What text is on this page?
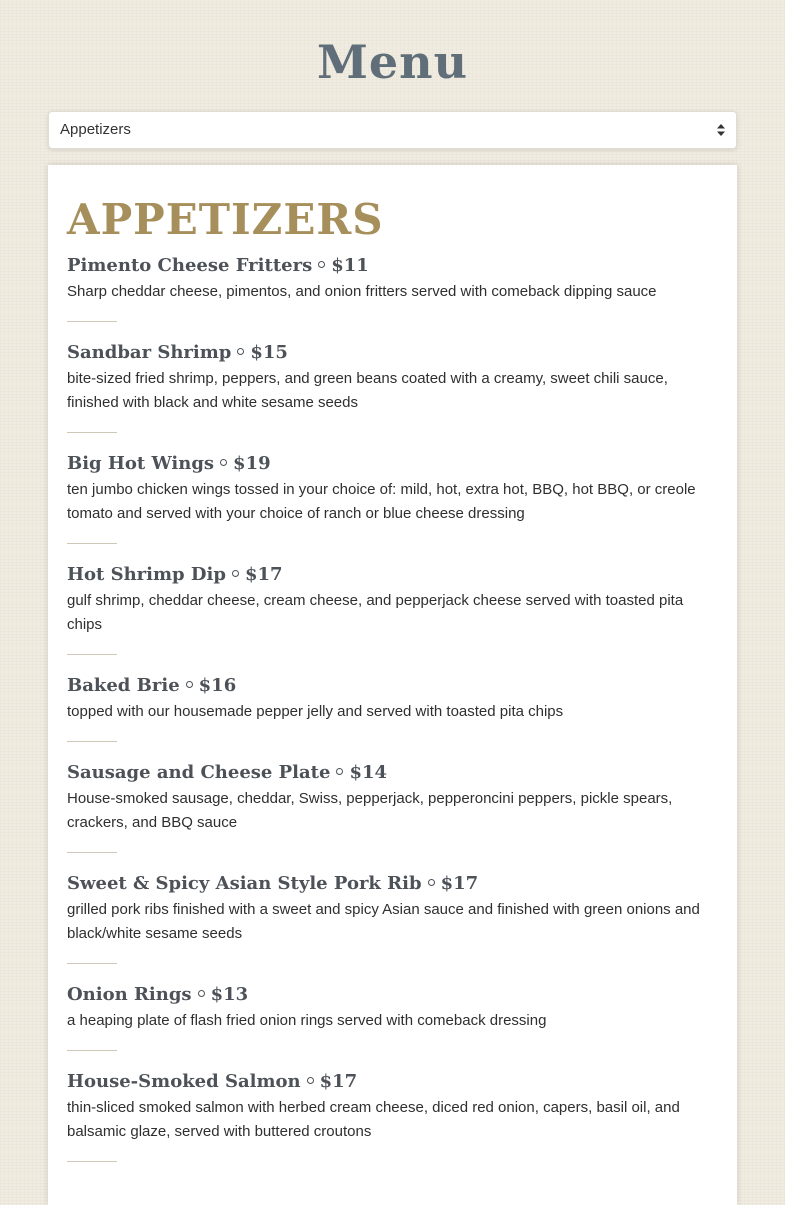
Menu
Appetizers
APPETIZERS
Pimento Cheese Fritters $11

Sharp cheddar cheese, pimentos, and onion fritters served with comeback dipping sauce

Sandbar Shrimp $15

bite-sized fried shrimp, peppers, and green beans coated with a creamy, sweet chili sauce, finished with black and white sesame seeds

Big Hot Wings $19

ten jumbo chicken wings tossed in your choice of: mild, hot, extra hot, BBQ, hot BBQ, or creole tomato and served with your choice of ranch or blue cheese dressing

Hot Shrimp Dip $17

gulf shrimp, cheddar cheese, cream cheese, and pepperjack cheese served with toasted pita chips

Baked Brie $16

topped with our housemade pepper jelly and served with toasted pita chips

Sausage and Cheese Plate $14

House-smoked sausage, cheddar, Swiss, pepperjack, pepperoncini peppers, pickle spears, crackers, and BBQ sauce

Sweet & Spicy Asian Style Pork Rib $17

grilled pork ribs finished with a sweet and spicy Asian sauce and finished with green onions and black/white sesame seeds

Onion Rings $13

a heaping plate of flash fried onion rings served with comeback dressing

House-Smoked Salmon $17

thin-sliced smoked salmon with herbed cream cheese, diced red onion, capers, basil oil, and balsamic glaze, served with buttered croutons
